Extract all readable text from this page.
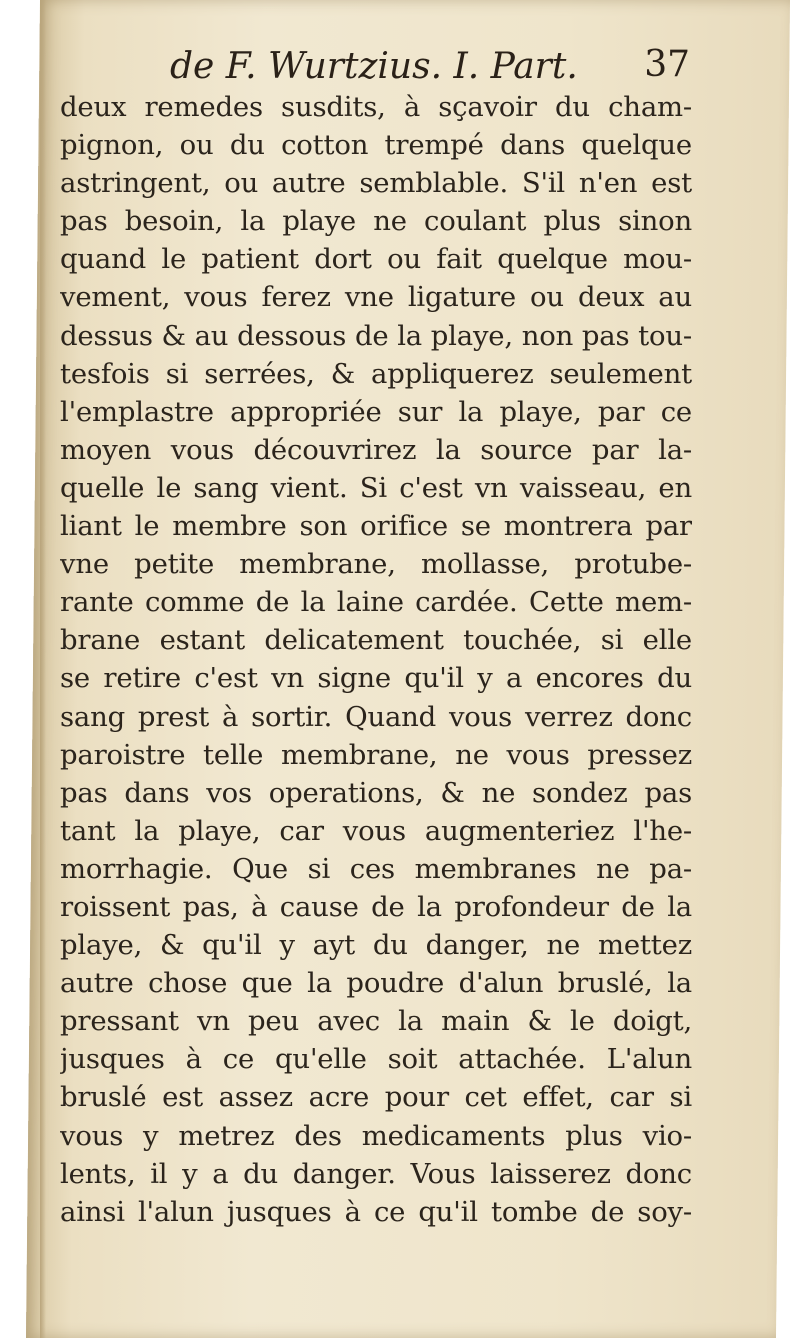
de F. Wurtzius. I. Part. 37
deux remedes susdits, à sçavoir du cham-
pignon, ou du cotton trempé dans quelque
astringent, ou autre semblable. S'il n'en est
pas besoin, la playe ne coulant plus sinon
quand le patient dort ou fait quelque mou-
vement, vous ferez vne ligature ou deux au
dessus & au dessous de la playe, non pas tou-
tesfois si serrées, & appliquerez seulement
l'emplastre appropriée sur la playe, par ce
moyen vous découvrirez la source par la-
quelle le sang vient. Si c'est vn vaisseau, en
liant le membre son orifice se montrera par
vne petite membrane, mollasse, protube-
rante comme de la laine cardée. Cette mem-
brane estant delicatement touchée, si elle
se retire c'est vn signe qu'il y a encores du
sang prest à sortir. Quand vous verrez donc
paroistre telle membrane, ne vous pressez
pas dans vos operations, & ne sondez pas
tant la playe, car vous augmenteriez l'he-
morrhagie. Que si ces membranes ne pa-
roissent pas, à cause de la profondeur de la
playe, & qu'il y ayt du danger, ne mettez
autre chose que la poudre d'alun bruslé, la
pressant vn peu avec la main & le doigt,
jusques à ce qu'elle soit attachée. L'alun
bruslé est assez acre pour cet effet, car si
vous y metrez des medicaments plus vio-
lents, il y a du danger. Vous laisserez donc
ainsi l'alun jusques à ce qu'il tombe de soy-
